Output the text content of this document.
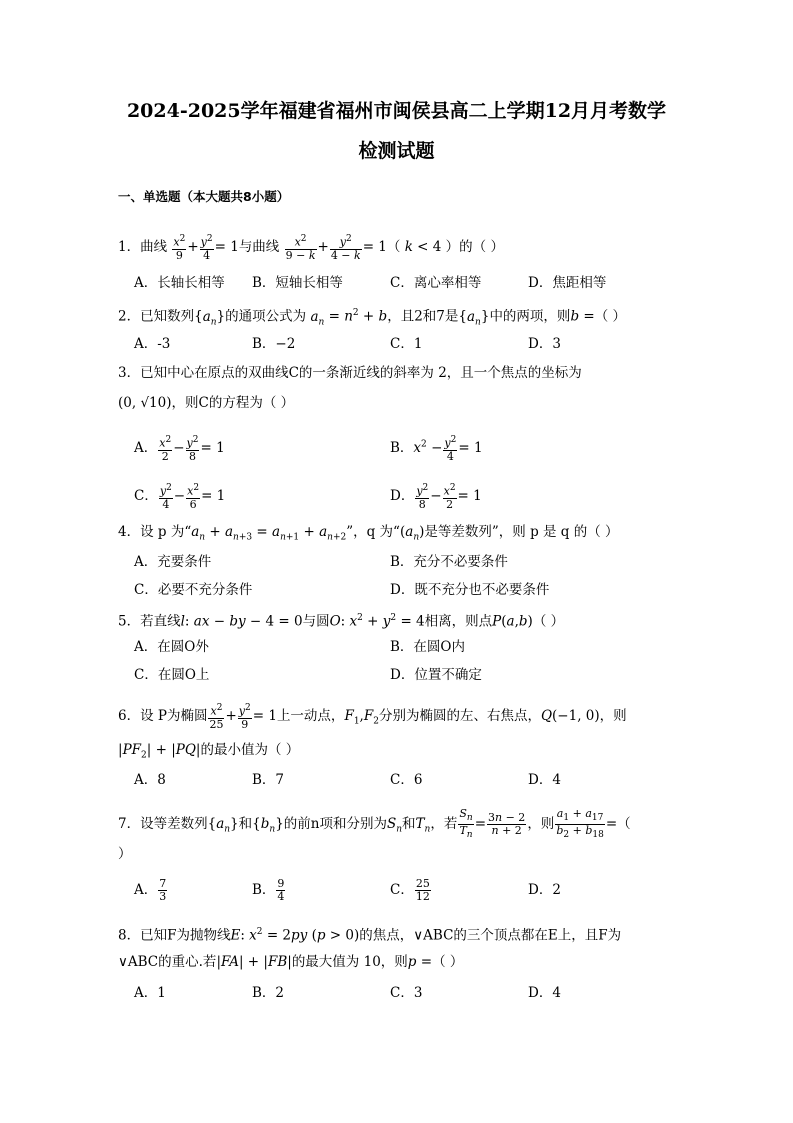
2024-2025学年福建省福州市闽侯县高二上学期12月月考数学
检测试题
一、单选题（本大题共8小题）
1．曲线 $\frac{x^2}{9} + \frac{y^2}{4} = 1$与曲线 $\frac{x^2}{9 - k} + \frac{y^2}{4 - k} = 1$（ k < 4 ）的（ ）
A．长轴长相等 B．短轴长相等	C．离心率相等	D．焦距相等
2．已知数列$\{a_n\}$的通项公式为 $a_n = n^2 + b$，且2和7是$\{a_n\}$中的两项，则b =（ ）
A．-3	B．−2	C．1	D．3
3．已知中心在原点的双曲线C的一条渐近线的斜率为 2，且一个焦点的坐标为
(0, √10)，则C的方程为（ ）
A． $\frac{x^2}{2} - \frac{y^2}{8} = 1$	B．$x^2 - \frac{y^2}{4} = 1$
C． $\frac{y^2}{4} - \frac{x^2}{6} = 1$	D． $\frac{y^2}{8} - \frac{x^2}{2} = 1$
4．设 p 为“$a_n + a_{n+3} = a_{n+1} + a_{n+2}$”，q 为“$(a_n)$是等差数列”，则 p 是 q 的（ ）
A．充要条件	B．充分不必要条件
C．必要不充分条件	D．既不充分也不必要条件
5．若直线l: ax − by − 4 = 0与圆O: $x^2 + y^2 = 4$相离，则点P(a,b)（ ）
A．在圆O外	B．在圆O内
C．在圆O上	D．位置不确定
6．设 P为椭圆 $\frac{x^2}{25} + \frac{y^2}{9} = 1$上一动点，$F_1,F_2$分别为椭圆的左、右焦点，Q(−1, 0)，则
$|PF_2| + |PQ|$的最小值为（ ）
A．8	B．7	C．6	D．4
7．设等差数列$\{a_n\}$和$\{b_n\}$的前n项和分别为$S_n$和$T_n$，若 $\frac{S_n}{T_n} = \frac{3n - 2}{n + 2}$ ，则 $\frac{a_1 + a_{17}}{b_2 + b_{18}}$ =（
）
A． $\frac{7}{3}$	B． $\frac{9}{4}$	C． $\frac{25}{12}$	D．2
8．已知F为抛物线E: $x^2 = 2py$ (p > 0)的焦点，∨ABC的三个顶点都在E上，且F为
∨ABC的重心.若|FA| + |FB|的最大值为 10，则p =（ ）
A．1	B．2	C．3	D．4
